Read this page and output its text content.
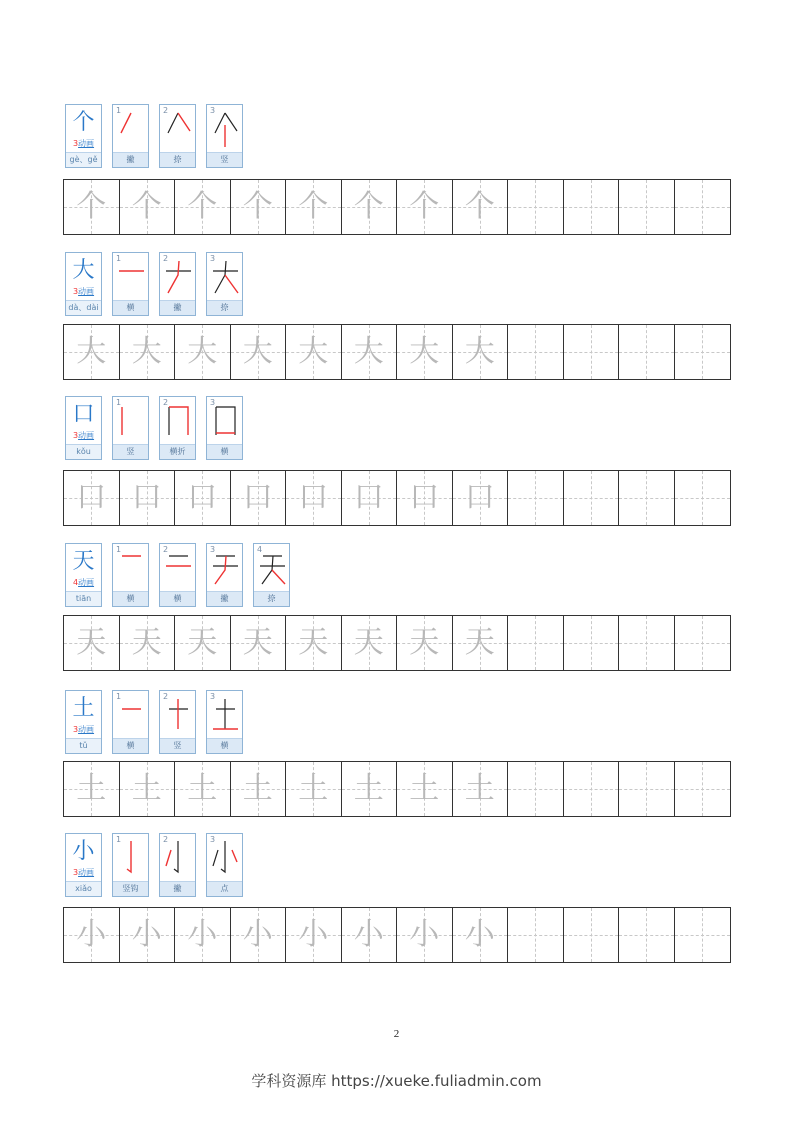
个
3动画
gè、gě
1
撇
2
捺
3
竖
个 个 个 个 个 个 个 个
大
3动画
dà、dài
1
横
2
撇
3
捺
大 大 大 大 大 大 大 大
口
3动画
kǒu
1
竖
2
横折
3
横
口 口 口 口 口 口 口 口
天
4动画
tiān
1
横
2
横
3
撇
4
捺
天 天 天 天 天 天 天 天
土
3动画
tǔ
1
横
2
竖
3
横
土 土 土 土 土 土 土 土
小
3动画
xiǎo
1
竖钩
2
撇
3
点
小 小 小 小 小 小 小 小
2
学科资源库 https://xueke.fuliadmin.com
